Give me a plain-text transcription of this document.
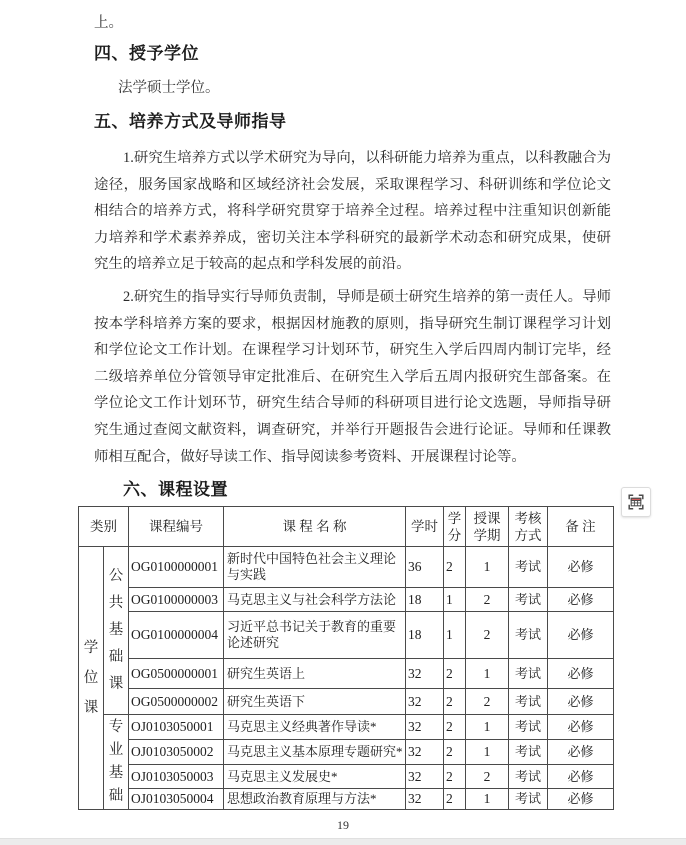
上。

四、授予学位

法学硕士学位。

五、培养方式及导师指导

1.研究生培养方式以学术研究为导向，以科研能力培养为重点，以科教融合为途径，服务国家战略和区域经济社会发展，采取课程学习、科研训练和学位论文相结合的培养方式，将科学研究贯穿于培养全过程。培养过程中注重知识创新能力培养和学术素养养成，密切关注本学科研究的最新学术动态和研究成果，使研究生的培养立足于较高的起点和学科发展的前沿。

2.研究生的指导实行导师负责制，导师是硕士研究生培养的第一责任人。导师按本学科培养方案的要求，根据因材施教的原则，指导研究生制订课程学习计划和学位论文工作计划。在课程学习计划环节，研究生入学后四周内制订完毕，经二级培养单位分管领导审定批准后、在研究生入学后五周内报研究生部备案。在学位论文工作计划环节，研究生结合导师的科研项目进行论文选题，导师指导研究生通过查阅文献资料，调查研究，并举行开题报告会进行论证。导师和任课教师相互配合，做好导读工作、指导阅读参考资料、开展课程讨论等。

六、课程设置
类别		课程编号	课 程 名 称	学时	学分	授课学期	考核方式	备 注

学位课	公共基础课	OG0100000001	新时代中国特色社会主义理论与实践	36	2	1	考试	必修
		OG0100000003	马克思主义与社会科学方法论	18	1	2	考试	必修
		OG0100000004	习近平总书记关于教育的重要论述研究	18	1	2	考试	必修
		OG0500000001	研究生英语上	32	2	1	考试	必修
		OG0500000002	研究生英语下	32	2	2	考试	必修

	专业基础	OJ0103050001	马克思主义经典著作导读*	32	2	1	考试	必修
		OJ0103050002	马克思主义基本原理专题研究*	32	2	1	考试	必修
		OJ0103050003	马克思主义发展史*	32	2	2	考试	必修
		OJ0103050004	思想政治教育原理与方法*	32	2	1	考试	必修
19
